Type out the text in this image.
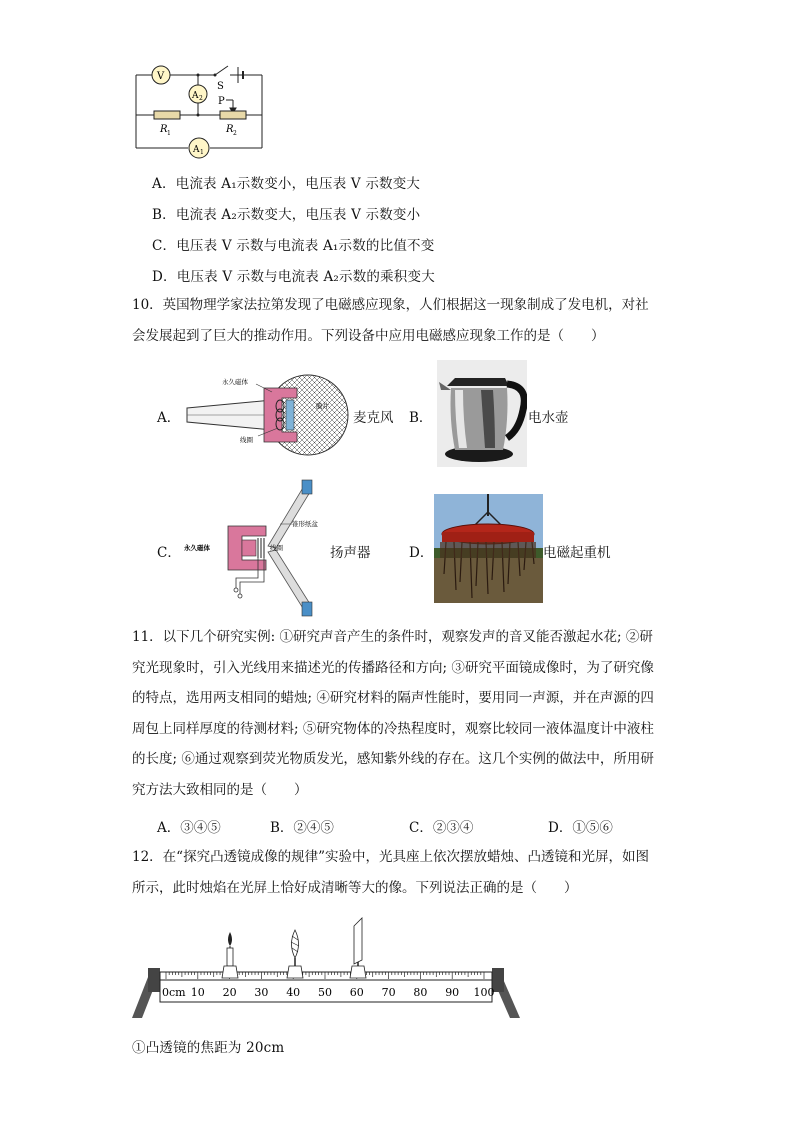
V
A 2
S
P
R 1	R 2
A 1
A．电流表 A₁示数变小，电压表 V 示数变大
B．电流表 A₂示数变大，电压表 V 示数变小
C．电压表 V 示数与电流表 A₁示数的比值不变
D．电压表 V 示数与电流表 A₂示数的乘积变大
10．英国物理学家法拉第发现了电磁感应现象，人们根据这一现象制成了发电机，对社会发展起到了巨大的推动作用。下列设备中应用电磁感应现象工作的是（　　）
A．
永久磁体
膜片
线圈
麦克风 B．	电水壶
C．
锥形纸盆
永久磁体	线圈	扬声器	D．	电磁起重机
11．以下几个研究实例: ①研究声音产生的条件时，观察发声的音叉能否激起水花; ②研究光现象时，引入光线用来描述光的传播路径和方向; ③研究平面镜成像时，为了研究像的特点，选用两支相同的蜡烛; ④研究材料的隔声性能时，要用同一声源，并在声源的四周包上同样厚度的待测材料; ⑤研究物体的冷热程度时，观察比较同一液体温度计中液柱的长度; ⑥通过观察到荧光物质发光，感知紫外线的存在。这几个实例的做法中，所用研究方法大致相同的是（　　）
A．③④⑤	B．②④⑤	C．②③④	D．①⑤⑥
12．在“探究凸透镜成像的规律”实验中，光具座上依次摆放蜡烛、凸透镜和光屏，如图所示，此时烛焰在光屏上恰好成清晰等大的像。下列说法正确的是（　　）
0cm 10 20 30 40 50 60 70 80 90 100
①凸透镜的焦距为 20cm
